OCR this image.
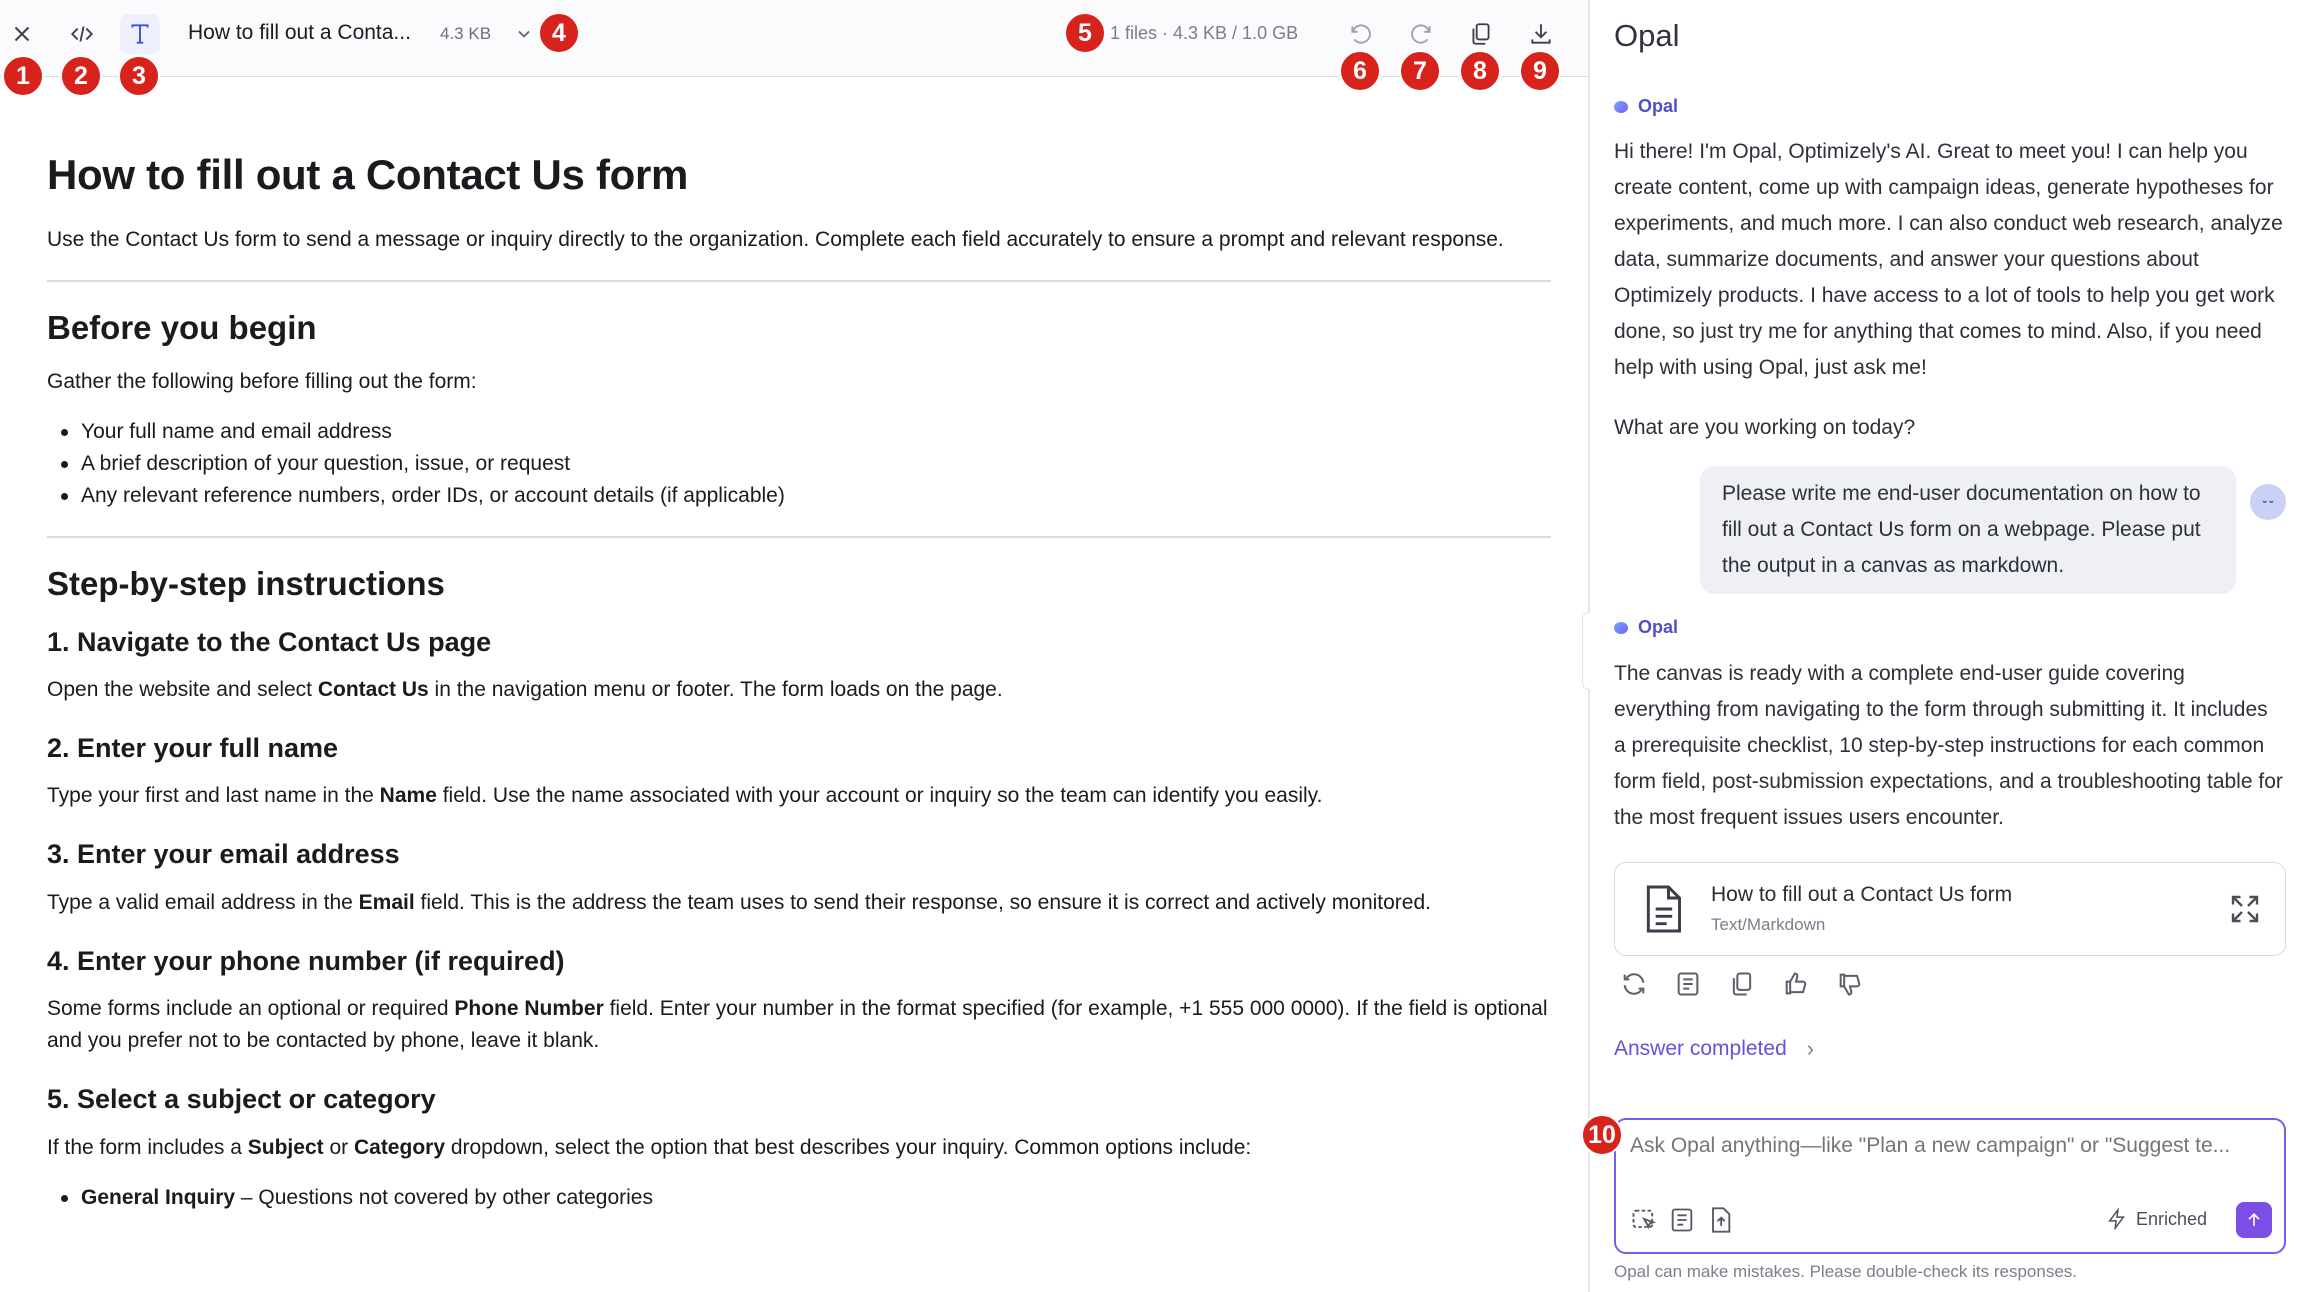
How to fill out a Conta... 4.3 KB	1 files · 4.3 KB / 1.0 GB
How to fill out a Contact Us form

Use the Contact Us form to send a message or inquiry directly to the organization. Complete each field accurately to ensure a prompt and relevant response.

Before you begin

Gather the following before filling out the form:

Your full name and email address
A brief description of your question, issue, or request
Any relevant reference numbers, order IDs, or account details (if applicable)
Step-by-step instructions
1. Navigate to the Contact Us page

Open the website and select Contact Us in the navigation menu or footer. The form loads on the page.

2. Enter your full name

Type your first and last name in the Name field. Use the name associated with your account or inquiry so the team can identify you easily.

3. Enter your email address

Type a valid email address in the Email field. This is the address the team uses to send their response, so ensure it is correct and actively monitored.

4. Enter your phone number (if required)

Some forms include an optional or required Phone Number field. Enter your number in the format specified (for example, +1 555 000 0000). If the field is optional and you prefer not to be contacted by phone, leave it blank.

5. Select a subject or category

If the form includes a Subject or Category dropdown, select the option that best describes your inquiry. Common options include:

General Inquiry – Questions not covered by other categories
1	2	3
4	5
6	7	8	9
Opal
Opal
Hi there! I'm Opal, Optimizely's AI. Great to meet you! I can help you create content, come up with campaign ideas, generate hypotheses for experiments, and much more. I can also conduct web research, analyze data, summarize documents, and answer your questions about Optimizely products. I have access to a lot of tools to help you get work done, so just try me for anything that comes to mind. Also, if you need help with using Opal, just ask me!
What are you working on today?
Please write me end-user documentation on how to fill out a Contact Us form on a webpage. Please put the output in a canvas as markdown.
Opal
The canvas is ready with a complete end-user guide covering everything from navigating to the form through submitting it. It includes a prerequisite checklist, 10 step-by-step instructions for each common form field, post-submission expectations, and a troubleshooting table for the most frequent issues users encounter.
How to fill out a Contact Us form
Text/Markdown
Answer completed ›
Ask Opal anything—like "Plan a new campaign" or "Suggest te...
Enriched
Opal can make mistakes. Please double-check its responses.
10
